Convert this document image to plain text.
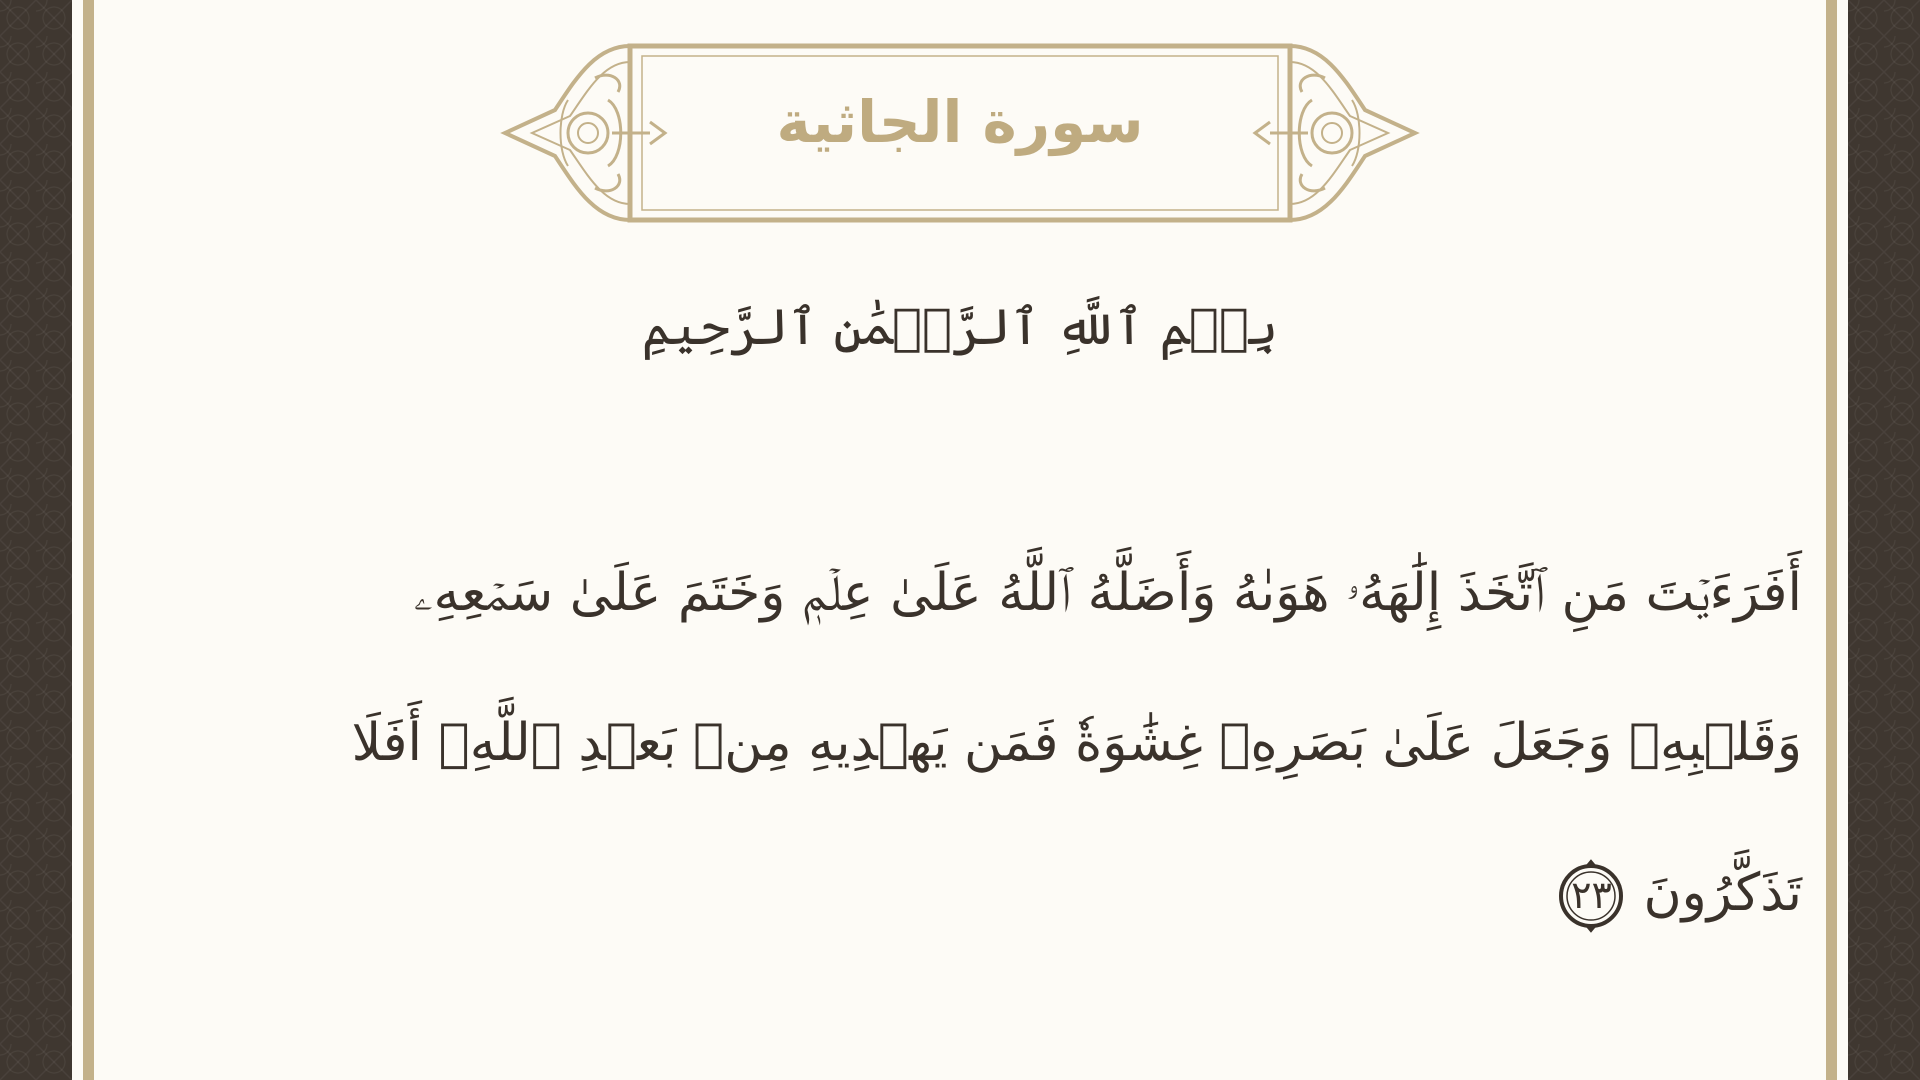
سورة الجاثية
بِسۡمِ ٱللَّهِ ٱلرَّحۡمَٰنِ ٱلرَّحِيمِ
أَفَرَءَيۡتَ مَنِ ٱتَّخَذَ إِلَٰهَهُۥ هَوَىٰهُ وَأَضَلَّهُ ٱللَّهُ عَلَىٰ عِلۡمٖ وَخَتَمَ عَلَىٰ سَمۡعِهِۦ
وَقَلۡبِهِۦ وَجَعَلَ عَلَىٰ بَصَرِهِۦ غِشَٰوَةٗ فَمَن يَهۡدِيهِ مِنۢ بَعۡدِ ٱللَّهِۚ أَفَلَا
تَذَكَّرُونَ
٢٣
